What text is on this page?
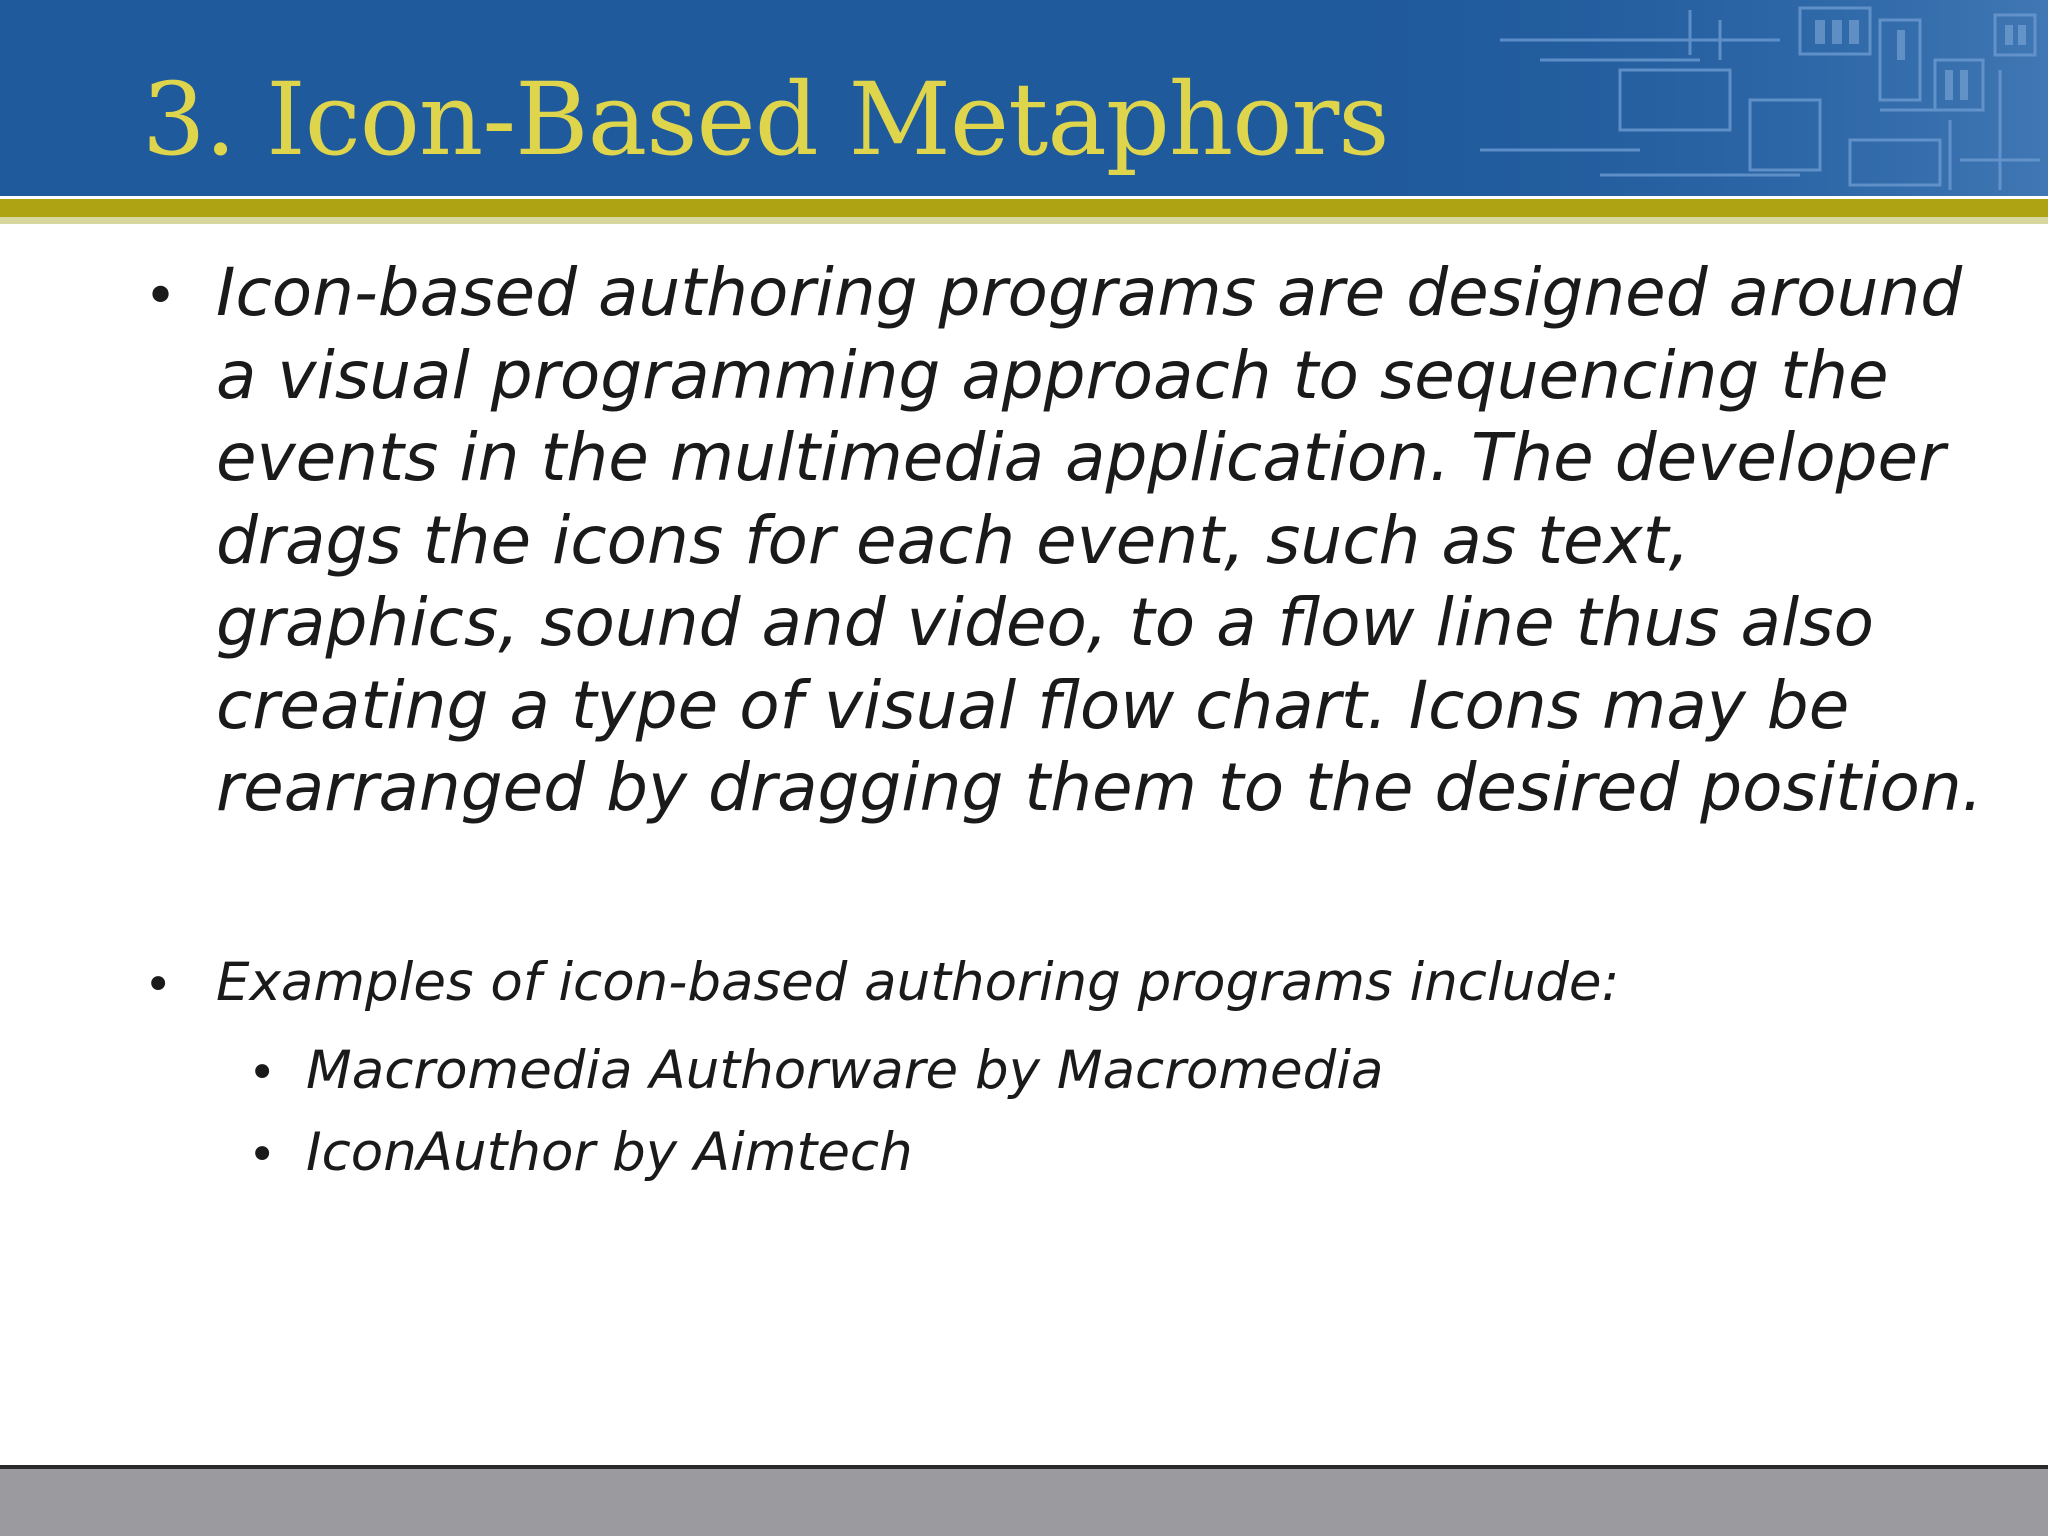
3. Icon-Based Metaphors

• Icon-based authoring programs are designed around a visual programming approach to sequencing the events in the multimedia application. The developer drags the icons for each event, such as text, graphics, sound and video, to a flow line thus also creating a type of visual flow chart. Icons may be rearranged by dragging them to the desired position.

• Examples of icon-based authoring programs include:
• Macromedia Authorware by Macromedia
• IconAuthor by Aimtech
